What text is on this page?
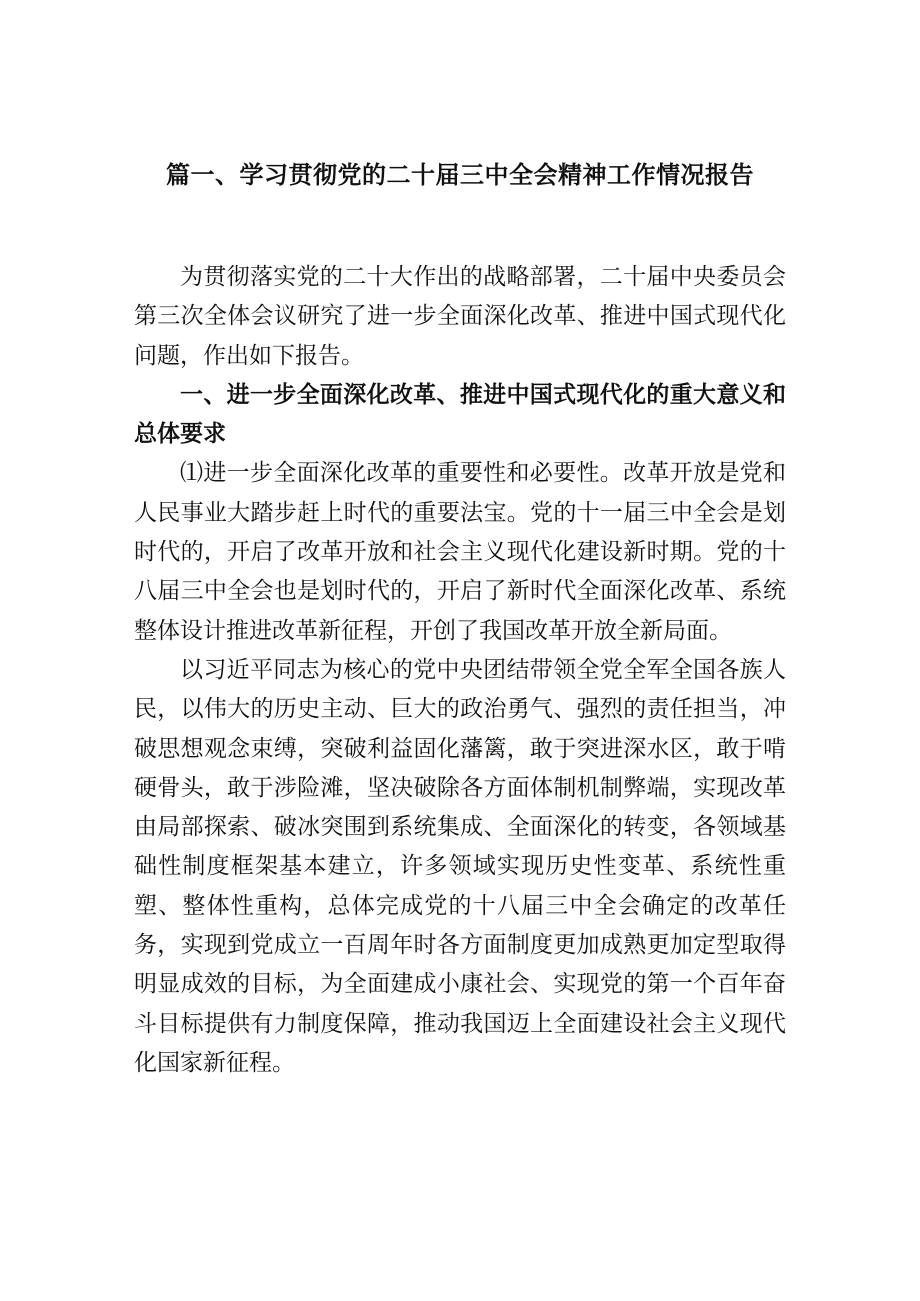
篇一、学习贯彻党的二十届三中全会精神工作情况报告

为贯彻落实党的二十大作出的战略部署，二十届中央委员会第三次全体会议研究了进一步全面深化改革、推进中国式现代化问题，作出如下报告。

一、进一步全面深化改革、推进中国式现代化的重大意义和总体要求

⑴进一步全面深化改革的重要性和必要性。改革开放是党和人民事业大踏步赶上时代的重要法宝。党的十一届三中全会是划时代的，开启了改革开放和社会主义现代化建设新时期。党的十八届三中全会也是划时代的，开启了新时代全面深化改革、系统整体设计推进改革新征程，开创了我国改革开放全新局面。

以习近平同志为核心的党中央团结带领全党全军全国各族人民，以伟大的历史主动、巨大的政治勇气、强烈的责任担当，冲破思想观念束缚，突破利益固化藩篱，敢于突进深水区，敢于啃硬骨头，敢于涉险滩，坚决破除各方面体制机制弊端，实现改革由局部探索、破冰突围到系统集成、全面深化的转变，各领域基础性制度框架基本建立，许多领域实现历史性变革、系统性重塑、整体性重构，总体完成党的十八届三中全会确定的改革任务，实现到党成立一百周年时各方面制度更加成熟更加定型取得明显成效的目标，为全面建成小康社会、实现党的第一个百年奋斗目标提供有力制度保障，推动我国迈上全面建设社会主义现代化国家新征程。
